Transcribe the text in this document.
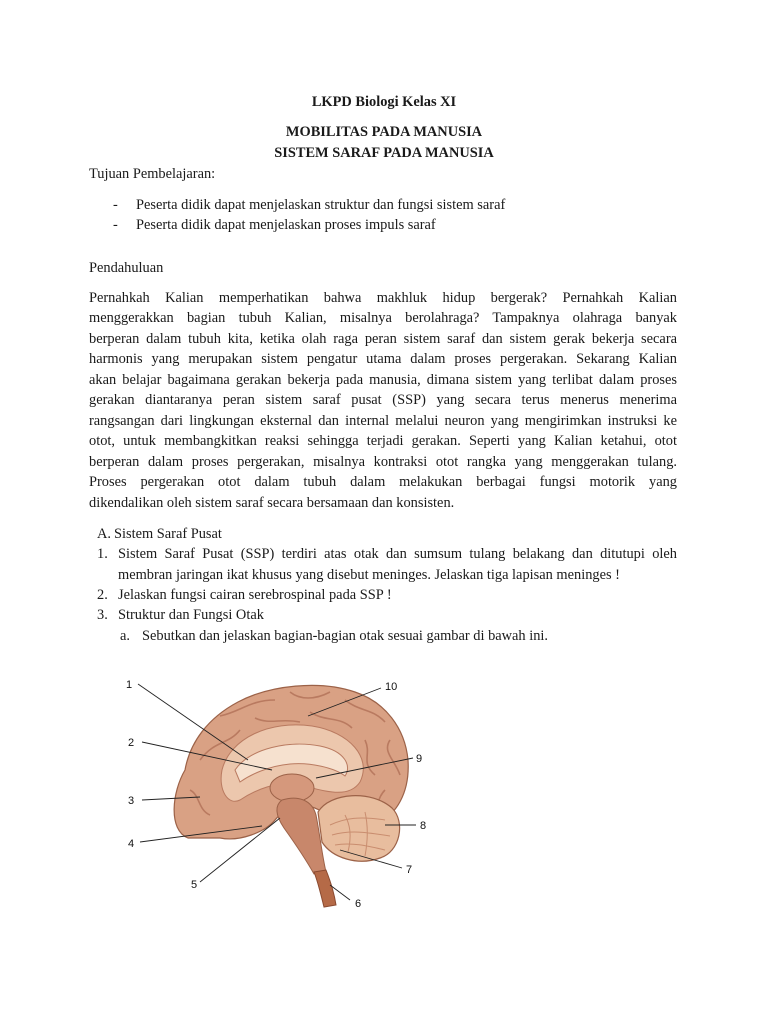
LKPD Biologi Kelas XI
MOBILITAS PADA MANUSIA
SISTEM SARAF PADA MANUSIA
Tujuan Pembelajaran:
- Peserta didik dapat menjelaskan struktur dan fungsi sistem saraf
- Peserta didik dapat menjelaskan proses impuls saraf
Pendahuluan
Pernahkah Kalian memperhatikan bahwa makhluk hidup bergerak? Pernahkah Kalian
menggerakkan bagian tubuh Kalian, misalnya berolahraga? Tampaknya olahraga banyak
berperan dalam tubuh kita, ketika olah raga peran sistem saraf dan sistem gerak bekerja secara
harmonis yang merupakan sistem pengatur utama dalam proses pergerakan. Sekarang Kalian
akan belajar bagaimana gerakan bekerja pada manusia, dimana sistem yang terlibat dalam proses
gerakan diantaranya peran sistem saraf pusat (SSP) yang secara terus menerus menerima
rangsangan dari lingkungan eksternal dan internal melalui neuron yang mengirimkan instruksi ke
otot, untuk membangkitkan reaksi sehingga terjadi gerakan. Seperti yang Kalian ketahui, otot
berperan dalam proses pergerakan, misalnya kontraksi otot rangka yang menggerakan tulang.
Proses pergerakan otot dalam tubuh dalam melakukan berbagai fungsi motorik yang
dikendalikan oleh sistem saraf secara bersamaan dan konsisten.
A. Sistem Saraf Pusat
1. Sistem Saraf Pusat (SSP) terdiri atas otak dan sumsum tulang belakang dan ditutupi oleh
membran jaringan ikat khusus yang disebut meninges. Jelaskan tiga lapisan meninges !
2. Jelaskan fungsi cairan serebrospinal pada SSP !
3. Struktur dan Fungsi Otak
a. Sebutkan dan jelaskan bagian-bagian otak sesuai gambar di bawah ini.
1
2
3
4
5
6
7
8
9
10
